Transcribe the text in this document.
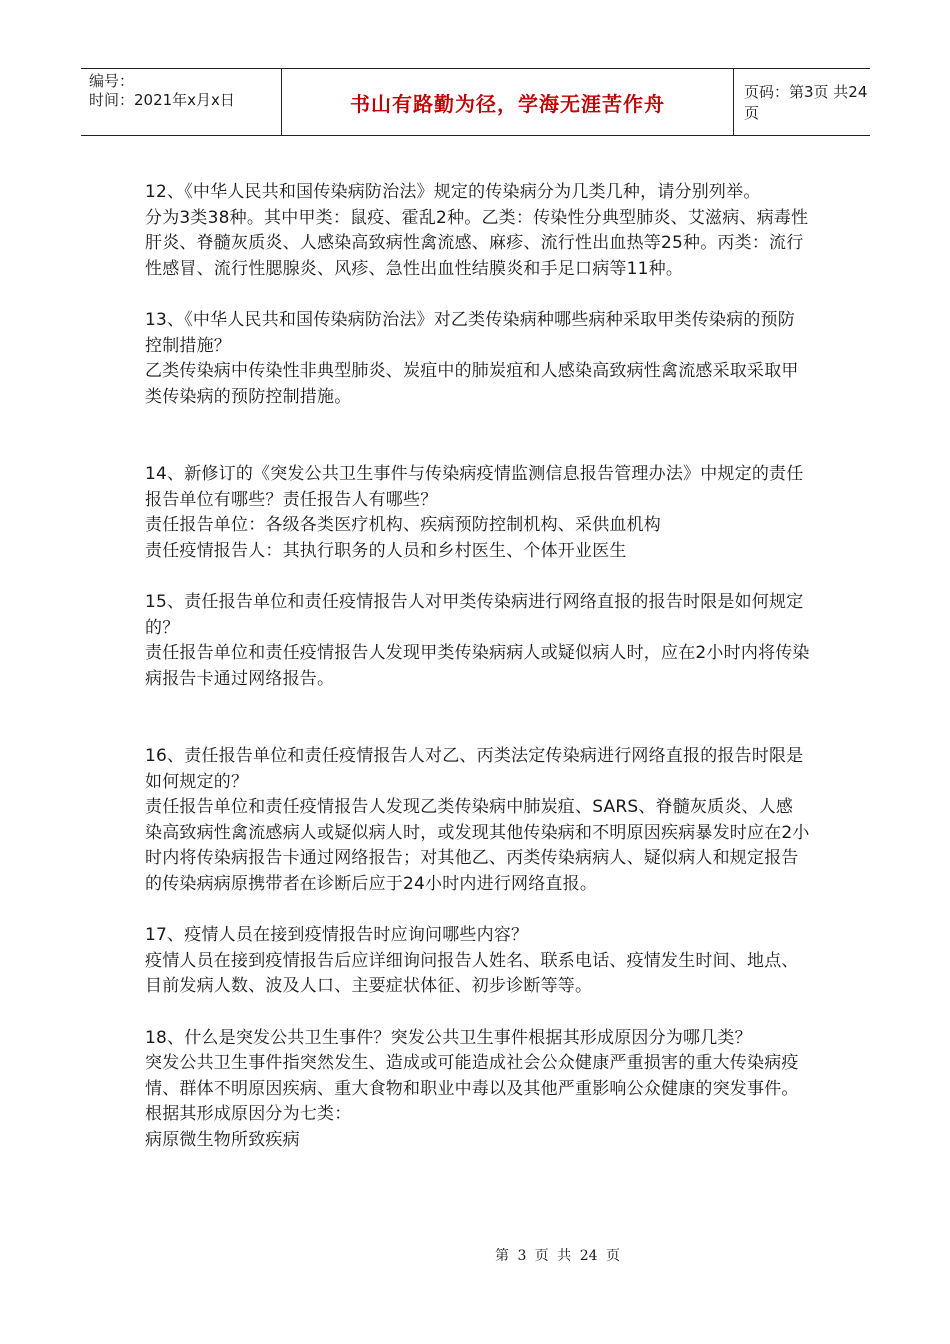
编号：
时间：2021年x月x日	书山有路勤为径，学海无涯苦作舟	页码：第3页 共24页

12、《中华人民共和国传染病防治法》规定的传染病分为几类几种，请分别列举。

分为3类38种。其中甲类：鼠疫、霍乱2种。乙类：传染性分典型肺炎、艾滋病、病毒性肝炎、脊髓灰质炎、人感染高致病性禽流感、麻疹、流行性出血热等25种。丙类：流行性感冒、流行性腮腺炎、风疹、急性出血性结膜炎和手足口病等11种。

13、《中华人民共和国传染病防治法》对乙类传染病种哪些病种采取甲类传染病的预防控制措施？

乙类传染病中传染性非典型肺炎、炭疽中的肺炭疽和人感染高致病性禽流感采取采取甲类传染病的预防控制措施。

14、新修订的《突发公共卫生事件与传染病疫情监测信息报告管理办法》中规定的责任报告单位有哪些？责任报告人有哪些？

责任报告单位：各级各类医疗机构、疾病预防控制机构、采供血机构

责任疫情报告人：其执行职务的人员和乡村医生、个体开业医生

15、责任报告单位和责任疫情报告人对甲类传染病进行网络直报的报告时限是如何规定的？

责任报告单位和责任疫情报告人发现甲类传染病病人或疑似病人时，应在2小时内将传染病报告卡通过网络报告。

16、责任报告单位和责任疫情报告人对乙、丙类法定传染病进行网络直报的报告时限是如何规定的？

责任报告单位和责任疫情报告人发现乙类传染病中肺炭疽、SARS、脊髓灰质炎、人感染高致病性禽流感病人或疑似病人时，或发现其他传染病和不明原因疾病暴发时应在2小时内将传染病报告卡通过网络报告；对其他乙、丙类传染病病人、疑似病人和规定报告的传染病病原携带者在诊断后应于24小时内进行网络直报。

17、疫情人员在接到疫情报告时应询问哪些内容？

疫情人员在接到疫情报告后应详细询问报告人姓名、联系电话、疫情发生时间、地点、目前发病人数、波及人口、主要症状体征、初步诊断等等。

18、什么是突发公共卫生事件？突发公共卫生事件根据其形成原因分为哪几类？

突发公共卫生事件指突然发生、造成或可能造成社会公众健康严重损害的重大传染病疫情、群体不明原因疾病、重大食物和职业中毒以及其他严重影响公众健康的突发事件。

根据其形成原因分为七类：

病原微生物所致疾病

第 3 页 共 24 页
